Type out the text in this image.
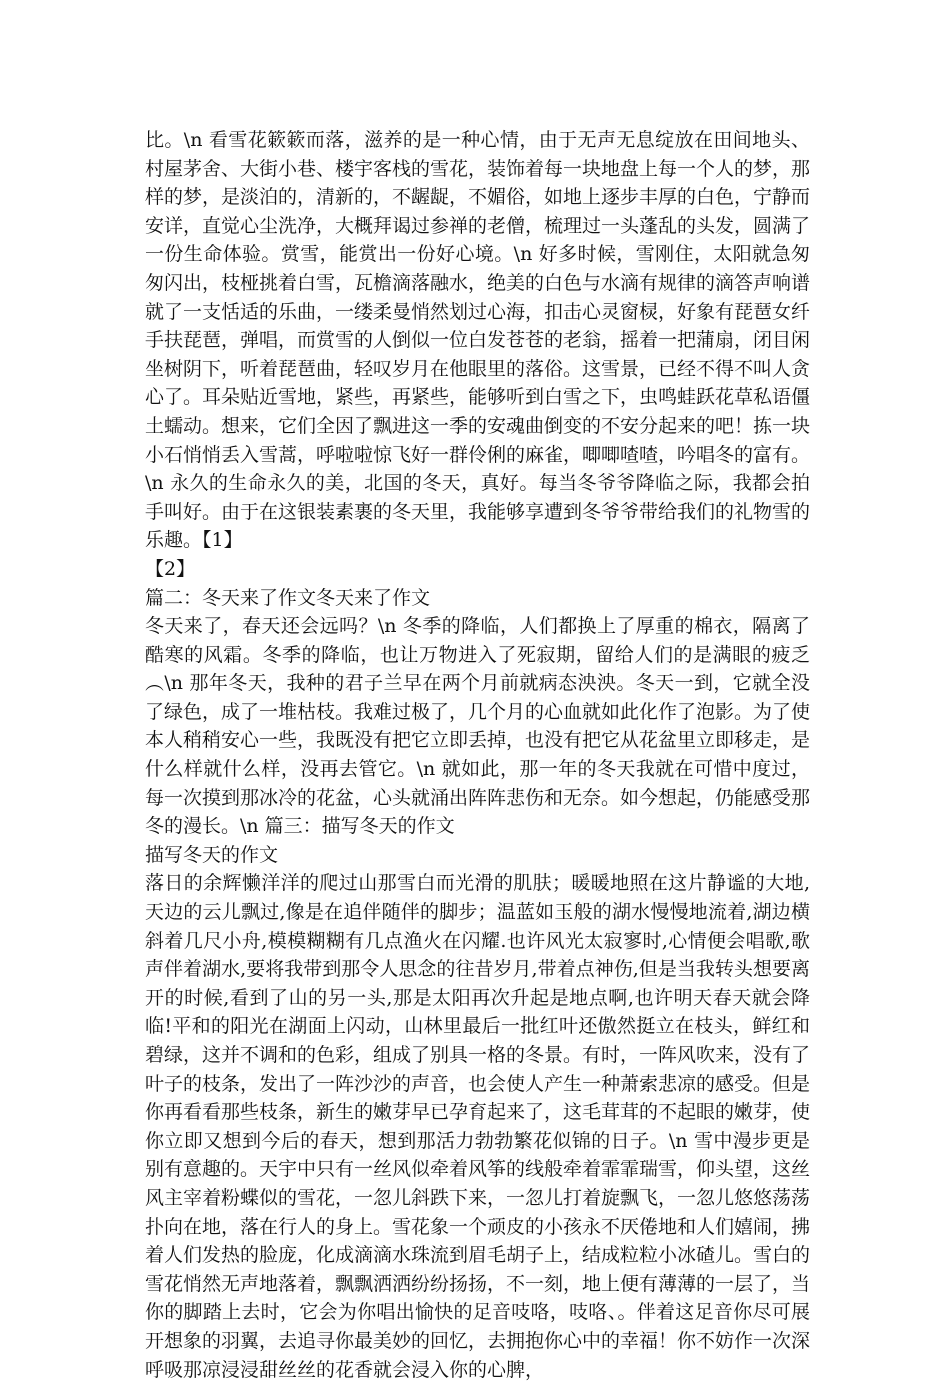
比。\n 看雪花簌簌而落，滋养的是一种心情，由于无声无息绽放在田间地头、村屋茅舍、大街小巷、楼宇客栈的雪花，装饰着每一块地盘上每一个人的梦，那样的梦，是淡泊的，清新的，不龌龊，不媚俗，如地上逐步丰厚的白色，宁静而安详，直觉心尘洗净，大概拜谒过参禅的老僧，梳理过一头蓬乱的头发，圆满了一份生命体验。赏雪，能赏出一份好心境。\n 好多时候，雪刚住，太阳就急匆匆闪出，枝桠挑着白雪，瓦檐滴落融水，绝美的白色与水滴有规律的滴答声响谱就了一支恬适的乐曲，一缕柔曼悄然划过心海，扣击心灵窗棂，好象有琵琶女纤手扶琵琶，弹唱，而赏雪的人倒似一位白发苍苍的老翁，摇着一把蒲扇，闭目闲坐树阴下，听着琵琶曲，轻叹岁月在他眼里的落俗。这雪景，已经不得不叫人贪心了。耳朵贴近雪地，紧些，再紧些，能够听到白雪之下，虫鸣蛙跃花草私语僵土蠕动。想来，它们全因了飘进这一季的安魂曲倒变的不安分起来的吧！拣一块小石悄悄丢入雪蒿，呼啦啦惊飞好一群伶俐的麻雀，唧唧喳喳，吟唱冬的富有。\n 永久的生命永久的美，北国的冬天，真好。每当冬爷爷降临之际，我都会拍手叫好。由于在这银装素裹的冬天里，我能够享遭到冬爷爷带给我们的礼物雪的乐趣。【1】

【2】

篇二：冬天来了作文冬天来了作文

冬天来了，春天还会远吗？\n 冬季的降临，人们都换上了厚重的棉衣，隔离了酷寒的风霜。冬季的降临，也让万物进入了死寂期，留给人们的是满眼的疲乏︵\n 那年冬天，我种的君子兰早在两个月前就病态泱泱。冬天一到，它就全没了绿色，成了一堆枯枝。我难过极了，几个月的心血就如此化作了泡影。为了使本人稍稍安心一些，我既没有把它立即丢掉，也没有把它从花盆里立即移走，是什么样就什么样，没再去管它。\n 就如此，那一年的冬天我就在可惜中度过，每一次摸到那冰冷的花盆，心头就涌出阵阵悲伤和无奈。如今想起，仍能感受那冬的漫长。\n 篇三：描写冬天的作文

描写冬天的作文

落日的余辉懒洋洋的爬过山那雪白而光滑的肌肤；暖暖地照在这片静谧的大地,天边的云儿飘过,像是在追伴随伴的脚步；温蓝如玉般的湖水慢慢地流着,湖边横斜着几尺小舟,模模糊糊有几点渔火在闪耀.也许风光太寂寥时,心情便会唱歌,歌声伴着湖水,要将我带到那令人思念的往昔岁月,带着点神伤,但是当我转头想要离开的时候,看到了山的另一头,那是太阳再次升起是地点啊,也许明天春天就会降临!平和的阳光在湖面上闪动，山林里最后一批红叶还傲然挺立在枝头，鲜红和碧绿，这并不调和的色彩，组成了别具一格的冬景。有时，一阵风吹来，没有了叶子的枝条，发出了一阵沙沙的声音，也会使人产生一种萧索悲凉的感受。但是你再看看那些枝条，新生的嫩芽早已孕育起来了，这毛茸茸的不起眼的嫩芽，使你立即又想到今后的春天，想到那活力勃勃繁花似锦的日子。\n 雪中漫步更是别有意趣的。天宇中只有一丝风似牵着风筝的线般牵着霏霏瑞雪，仰头望，这丝风主宰着粉蝶似的雪花，一忽儿斜跌下来，一忽儿打着旋飘飞，一忽儿悠悠荡荡扑向在地，落在行人的身上。雪花象一个顽皮的小孩永不厌倦地和人们嬉闹，拂着人们发热的脸庞，化成滴滴水珠流到眉毛胡子上，结成粒粒小冰碴儿。雪白的雪花悄然无声地落着，飘飘洒洒纷纷扬扬，不一刻，地上便有薄薄的一层了，当你的脚踏上去时，它会为你唱出愉快的足音吱咯，吱咯、。伴着这足音你尽可展开想象的羽翼，去追寻你最美妙的回忆，去拥抱你心中的幸福！你不妨作一次深呼吸那凉浸浸甜丝丝的花香就会浸入你的心脾，
